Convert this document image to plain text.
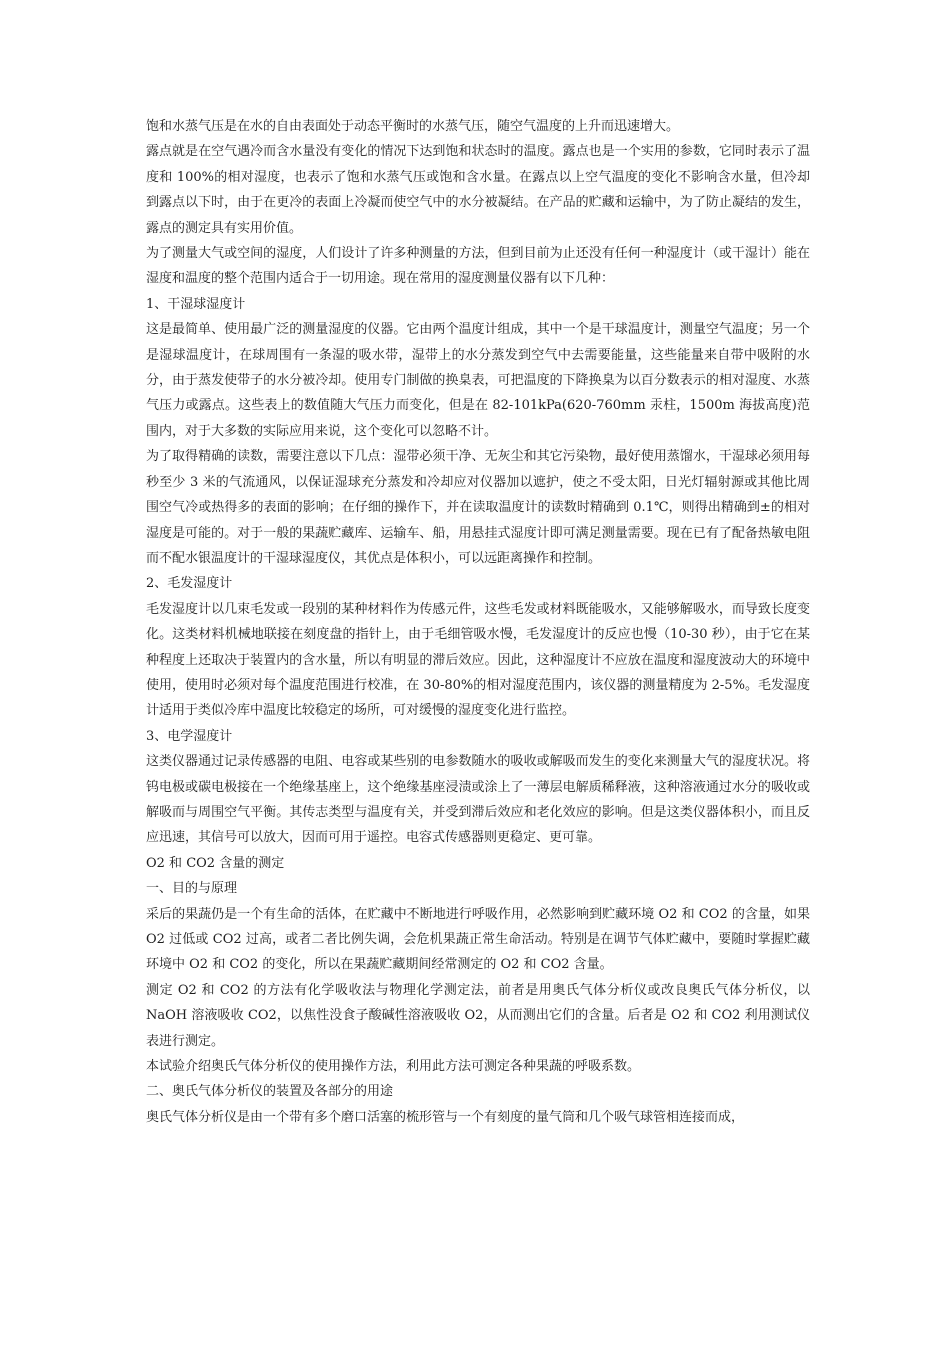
饱和水蒸气压是在水的自由表面处于动态平衡时的水蒸气压，随空气温度的上升而迅速增大。

露点就是在空气遇冷而含水量没有变化的情况下达到饱和状态时的温度。露点也是一个实用的参数，它同时表示了温度和 100%的相对湿度，也表示了饱和水蒸气压或饱和含水量。在露点以上空气温度的变化不影响含水量，但冷却到露点以下时，由于在更冷的表面上冷凝而使空气中的水分被凝结。在产品的贮藏和运输中，为了防止凝结的发生，露点的测定具有实用价值。

为了测量大气或空间的湿度，人们设计了许多种测量的方法，但到目前为止还没有任何一种湿度计（或干湿计）能在湿度和温度的整个范围内适合于一切用途。现在常用的湿度测量仪器有以下几种：

1、干湿球湿度计

这是最简单、使用最广泛的测量湿度的仪器。它由两个温度计组成，其中一个是干球温度计，测量空气温度；另一个是湿球温度计，在球周围有一条湿的吸水带，湿带上的水分蒸发到空气中去需要能量，这些能量来自带中吸附的水分，由于蒸发使带子的水分被冷却。使用专门制做的换臬表，可把温度的下降换臬为以百分数表示的相对湿度、水蒸气压力或露点。这些表上的数值随大气压力而变化，但是在 82-101kPa(620-760mm 汞柱，1500m 海拔高度)范围内，对于大多数的实际应用来说，这个变化可以忽略不计。

为了取得精确的读数，需要注意以下几点：湿带必须干净、无灰尘和其它污染物，最好使用蒸馏水，干湿球必须用每秒至少 3 米的气流通风，以保证湿球充分蒸发和冷却应对仪器加以遮护，使之不受太阳，日光灯辐射源或其他比周围空气冷或热得多的表面的影响；在仔细的操作下，并在读取温度计的读数时精确到 0.1℃，则得出精确到±的相对湿度是可能的。对于一般的果蔬贮藏库、运输车、船，用悬挂式湿度计即可满足测量需要。现在已有了配备热敏电阻而不配水银温度计的干湿球湿度仪，其优点是体积小，可以远距离操作和控制。

2、毛发湿度计

毛发湿度计以几束毛发或一段别的某种材料作为传感元件，这些毛发或材料既能吸水，又能够解吸水，而导致长度变化。这类材料机械地联接在刻度盘的指针上，由于毛细管吸水慢，毛发湿度计的反应也慢（10-30 秒），由于它在某种程度上还取决于装置内的含水量，所以有明显的滞后效应。因此，这种湿度计不应放在温度和湿度波动大的环境中使用，使用时必须对每个温度范围进行校准，在 30-80%的相对湿度范围内，该仪器的测量精度为 2-5%。毛发湿度计适用于类似冷库中温度比较稳定的场所，可对缓慢的湿度变化进行监控。

3、电学湿度计

这类仪器通过记录传感器的电阻、电容或某些别的电参数随水的吸收或解吸而发生的变化来测量大气的湿度状况。将钨电极或碳电极接在一个绝缘基座上，这个绝缘基座浸渍或涂上了一薄层电解质稀释液，这种溶液通过水分的吸收或解吸而与周围空气平衡。其传志类型与温度有关，并受到滞后效应和老化效应的影响。但是这类仪器体积小，而且反应迅速，其信号可以放大，因而可用于遥控。电容式传感器则更稳定、更可靠。

O2 和 CO2 含量的测定

一、目的与原理

采后的果蔬仍是一个有生命的活体，在贮藏中不断地进行呼吸作用，必然影响到贮藏环境 O2 和 CO2 的含量，如果 O2 过低或 CO2 过高，或者二者比例失调，会危机果蔬正常生命活动。特别是在调节气体贮藏中，要随时掌握贮藏环境中 O2 和 CO2 的变化，所以在果蔬贮藏期间经常测定的 O2 和 CO2 含量。

测定 O2 和 CO2 的方法有化学吸收法与物理化学测定法，前者是用奥氏气体分析仪或改良奥氏气体分析仪，以 NaOH 溶液吸收 CO2，以焦性没食子酸碱性溶液吸收 O2，从而测出它们的含量。后者是 O2 和 CO2 利用测试仪表进行测定。

本试验介绍奥氏气体分析仪的使用操作方法，利用此方法可测定各种果蔬的呼吸系数。

二、奥氏气体分析仪的装置及各部分的用途

奥氏气体分析仪是由一个带有多个磨口活塞的梳形管与一个有刻度的量气筒和几个吸气球管相连接而成，
